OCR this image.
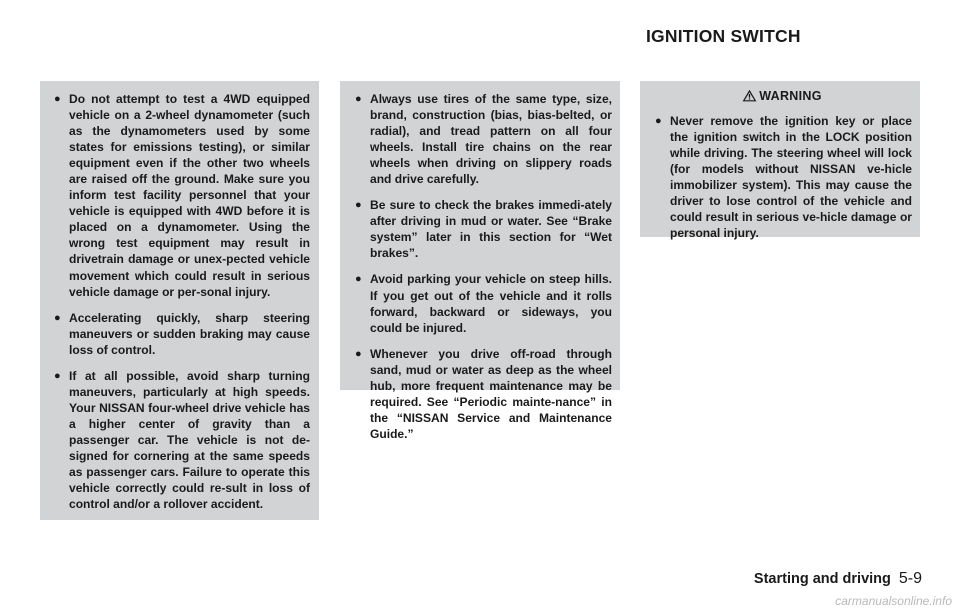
IGNITION SWITCH
● Do not attempt to test a 4WD equipped vehicle on a 2-wheel dynamometer (such as the dynamometers used by some states for emissions testing), or similar equipment even if the other two wheels are raised off the ground. Make sure you inform test facility personnel that your vehicle is equipped with 4WD before it is placed on a dynamometer. Using the wrong test equipment may result in drivetrain damage or unex-pected vehicle movement which could result in serious vehicle damage or per-sonal injury.
● Accelerating quickly, sharp steering maneuvers or sudden braking may cause loss of control.
● If at all possible, avoid sharp turning maneuvers, particularly at high speeds. Your NISSAN four-wheel drive vehicle has a higher center of gravity than a passenger car. The vehicle is not de-signed for cornering at the same speeds as passenger cars. Failure to operate this vehicle correctly could re-sult in loss of control and/or a rollover accident.
● Always use tires of the same type, size, brand, construction (bias, bias-belted, or radial), and tread pattern on all four wheels. Install tire chains on the rear wheels when driving on slippery roads and drive carefully.
● Be sure to check the brakes immedi-ately after driving in mud or water. See “Brake system” later in this section for “Wet brakes”.
● Avoid parking your vehicle on steep hills. If you get out of the vehicle and it rolls forward, backward or sideways, you could be injured.
● Whenever you drive off-road through sand, mud or water as deep as the wheel hub, more frequent maintenance may be required. See “Periodic mainte-nance” in the “NISSAN Service and Maintenance Guide.”
WARNING
● Never remove the ignition key or place the ignition switch in the LOCK position while driving. The steering wheel will lock (for models without NISSAN ve-hicle immobilizer system). This may cause the driver to lose control of the vehicle and could result in serious ve-hicle damage or personal injury.
Starting and driving 5-9
carmanualsonline.info
